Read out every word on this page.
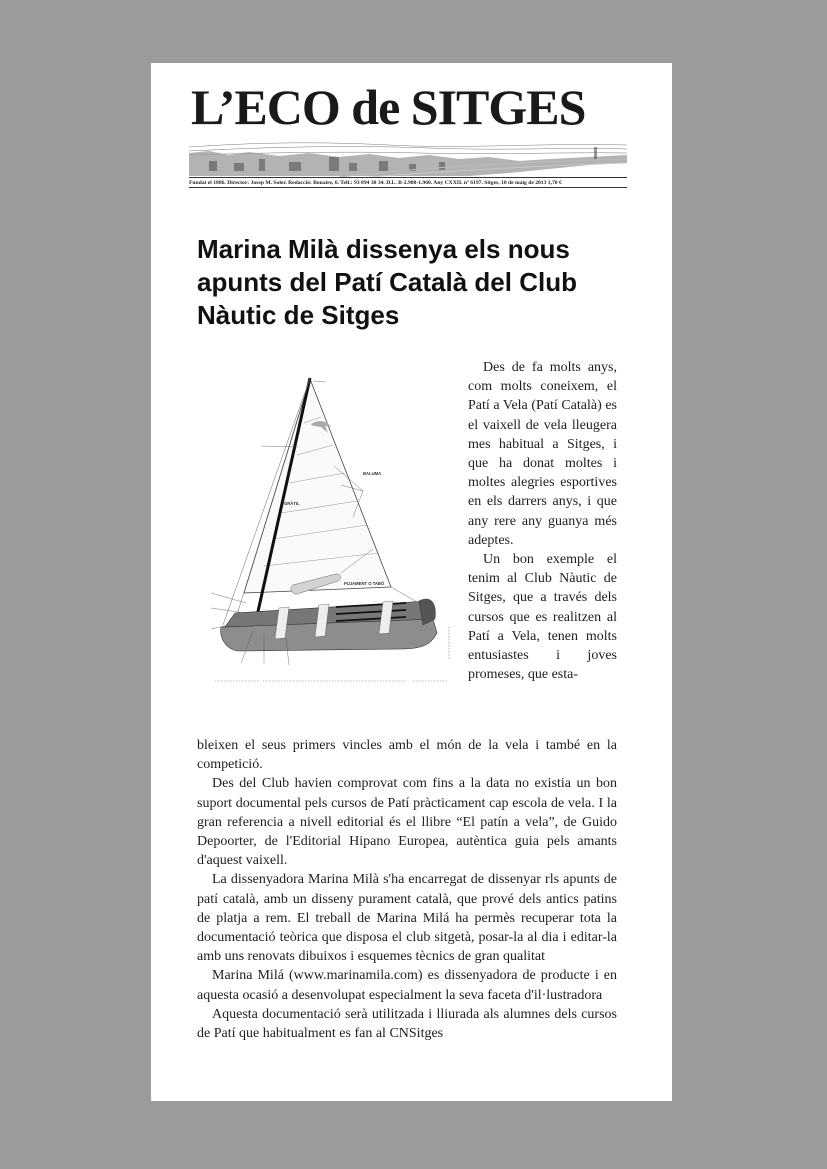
L’ECO de SITGES
Fundat el 1886. Director: Josep M. Soler. Redacció: Bonaire, 6. Telf.: 93 894 30 34. D.L. B-2.908-1.960. Any CXXII. nº 6197. Sitges, 10 de maig de 2013 1,70 €
Marina Milà dissenya els nous apunts del Patí Català del Club Nàutic de Sitges
BALUMA
GRÀTIL
PUJAMENT O TABÓ

Des de fa molts anys, com molts coneixem, el Patí a Vela (Patí Català) es el vaixell de vela lleugera mes habitual a Sitges, i que ha donat moltes i moltes alegries esportives en els darrers anys, i que any rere any guanya més adeptes.

Un bon exemple el tenim al Club Nàutic de Sitges, que a través dels cursos que es realitzen al Patí a Vela, tenen molts entusiastes i joves promeses, que esta-

bleixen el seus primers vincles amb el món de la vela i també en la competició.

Des del Club havien comprovat com fins a la data no existia un bon suport documental pels cursos de Patí pràcticament cap escola de vela. I la gran referencia a nivell editorial és el llibre “El patín a vela”, de Guido Depoorter, de l'Editorial Hipano Europea, autèntica guia pels amants d'aquest vaixell.

La dissenyadora Marina Milà s'ha encarregat de dissenyar rls apunts de patí català, amb un disseny purament català, que prové dels antics patins de platja a rem. El treball de Marina Milá ha permès recuperar tota la documentació teòrica que disposa el club sitgetà, posar-la al dia i editar-la amb uns renovats dibuixos i esquemes tècnics de gran qualitat

Marina Milá (www.marinamila.com) es dissenyadora de producte i en aquesta ocasió a desenvolupat especialment la seva faceta d'il·lustradora

Aquesta documentació serà utilitzada i lliurada als alumnes dels cursos de Patí que habitualment es fan al CNSitges
